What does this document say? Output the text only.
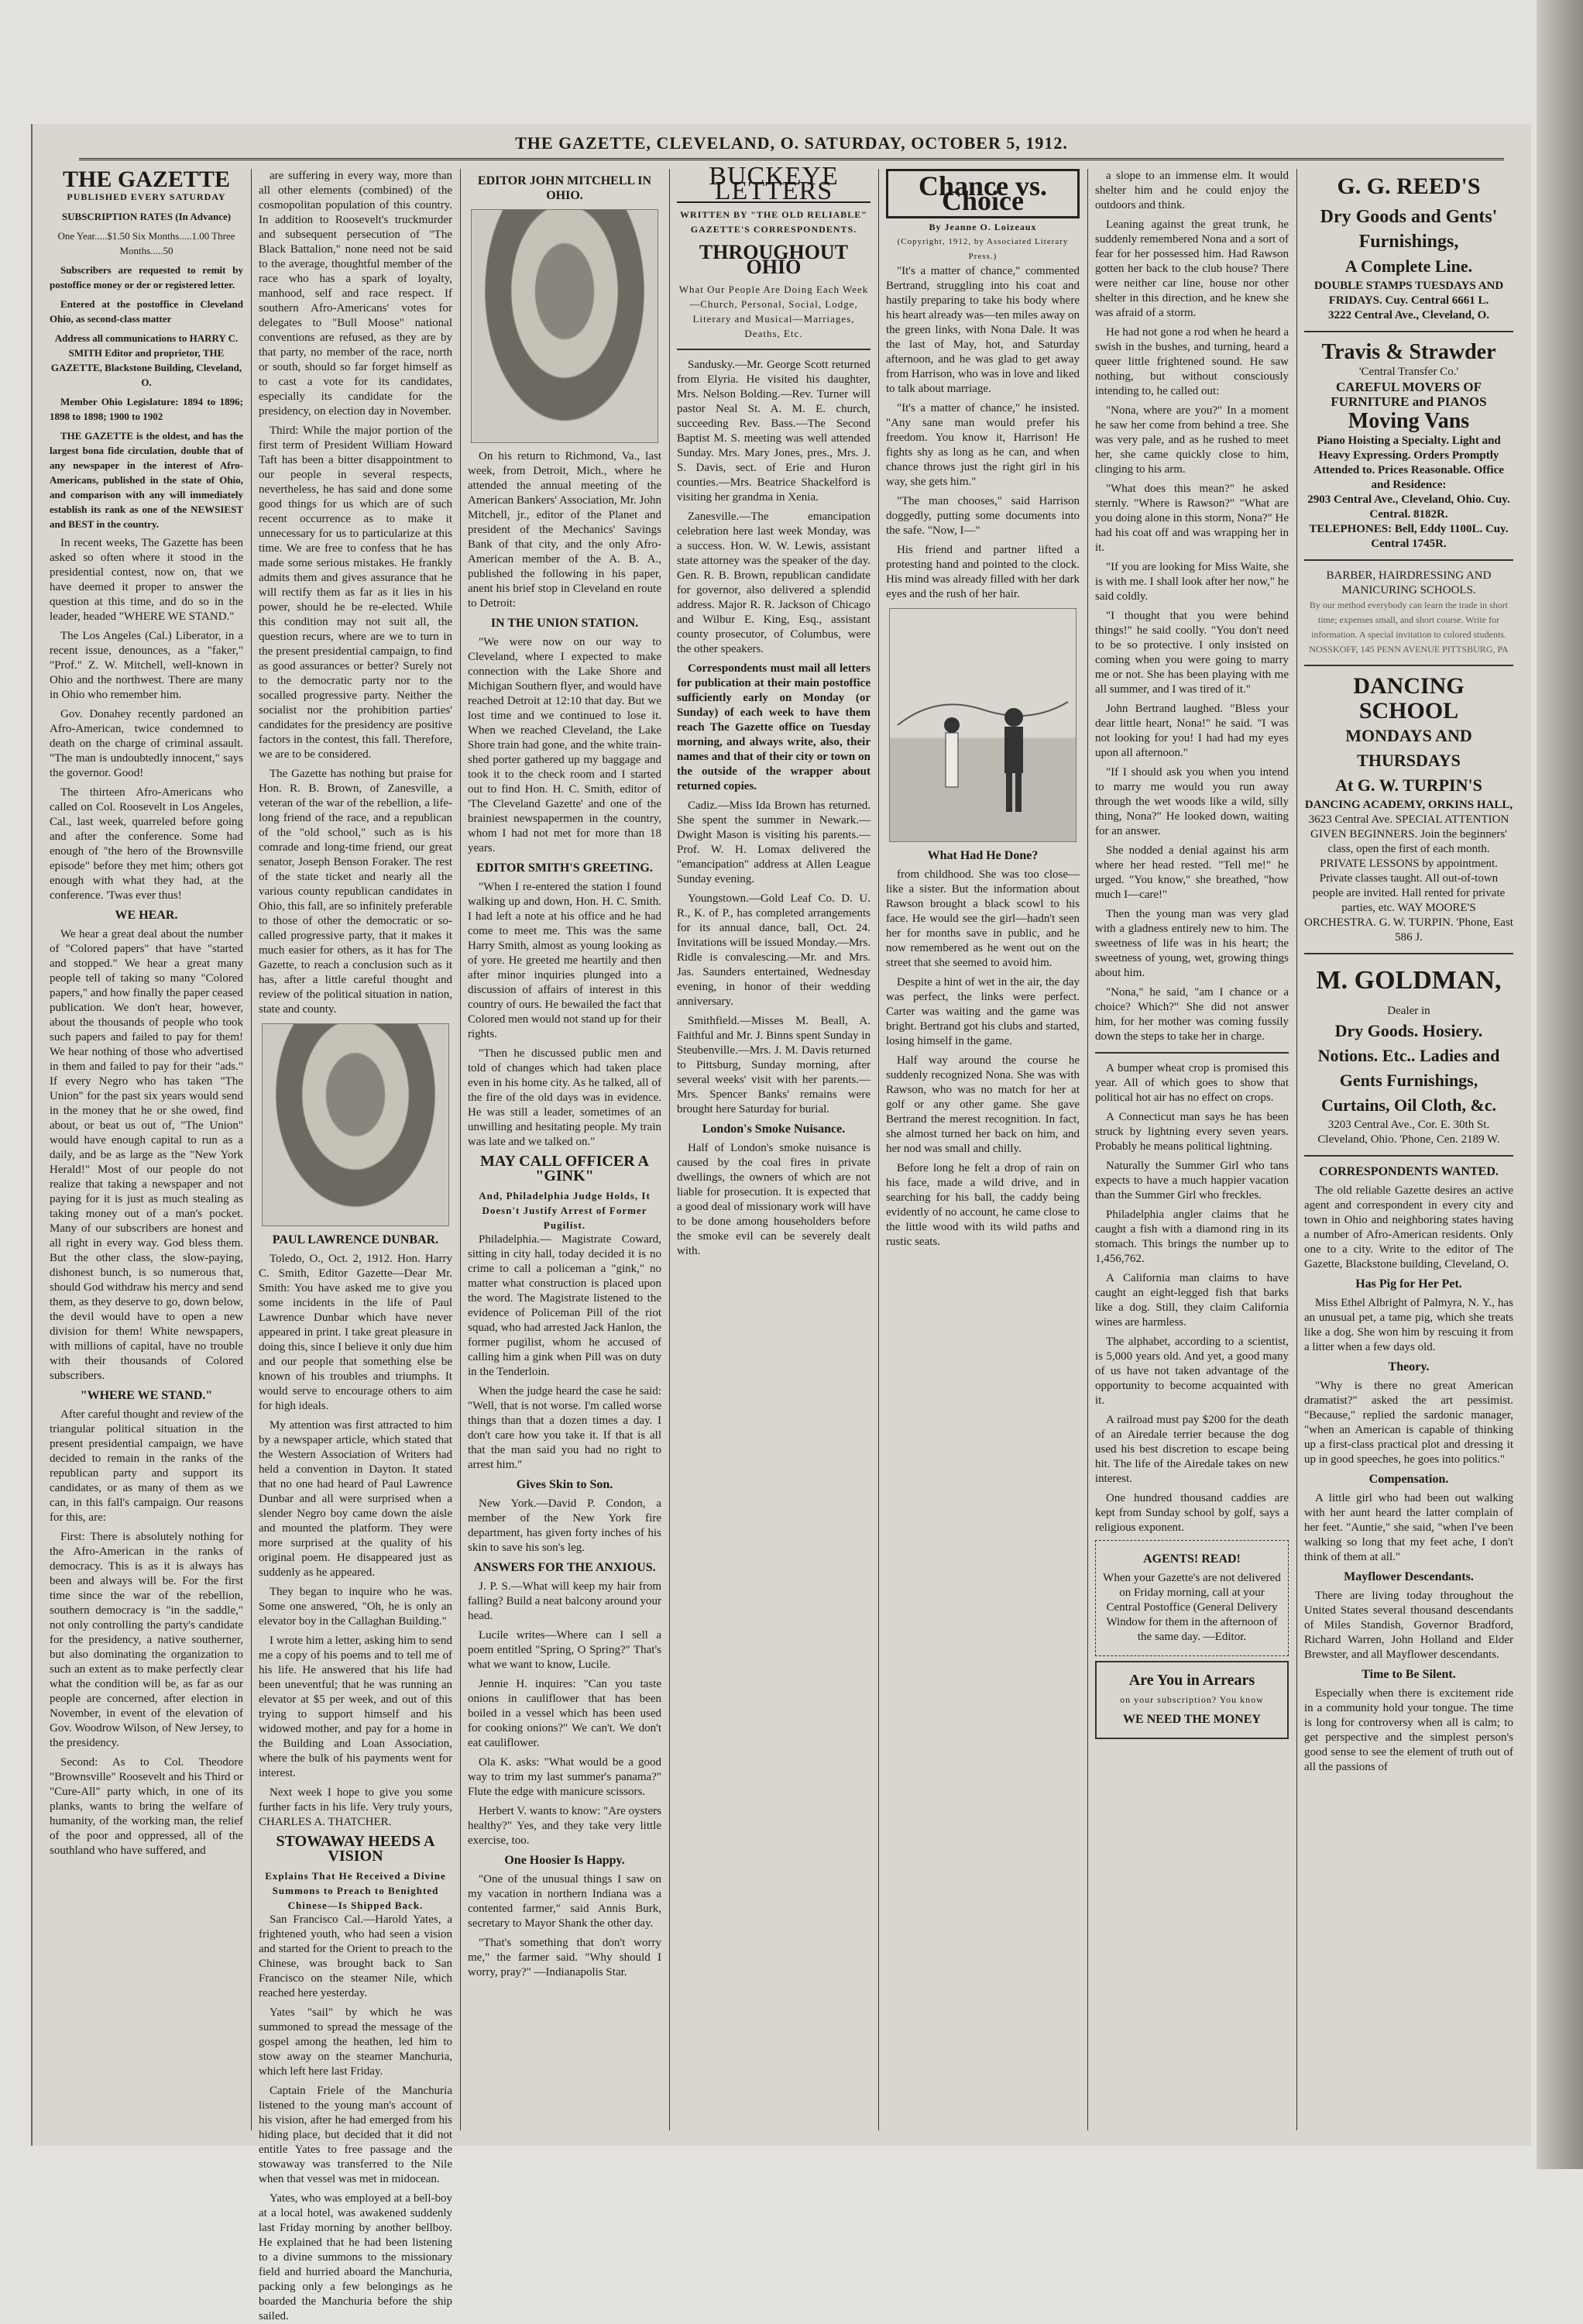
THE GAZETTE, CLEVELAND, O. SATURDAY, OCTOBER 5, 1912.
THE GAZETTE
PUBLISHED EVERY SATURDAY
SUBSCRIPTION RATES (In Advance)

One Year.....$1.50 Six Months.....1.00 Three Months.....50

Subscribers are requested to remit by postoffice money or der or registered letter.

Entered at the postoffice in Cleveland Ohio, as second-class matter

Address all communications to HARRY C. SMITH Editor and proprietor, THE GAZETTE, Blackstone Building, Cleveland, O.

Member Ohio Legislature: 1894 to 1896; 1898 to 1898; 1900 to 1902

THE GAZETTE is the oldest, and has the largest bona fide circulation, double that of any newspaper in the interest of Afro-Americans, published in the state of Ohio, and comparison with any will immediately establish its rank as one of the NEWSIEST and BEST in the country.

In recent weeks, The Gazette has been asked so often where it stood in the presidential contest, now on, that we have deemed it proper to answer the question at this time, and do so in the leader, headed "WHERE WE STAND."

The Los Angeles (Cal.) Liberator, in a recent issue, denounces, as a "faker," "Prof." Z. W. Mitchell, well-known in Ohio and the northwest. There are many in Ohio who remember him.

Gov. Donahey recently pardoned an Afro-American, twice condemned to death on the charge of criminal assault. "The man is undoubtedly innocent," says the governor. Good!

The thirteen Afro-Americans who called on Col. Roosevelt in Los Angeles, Cal., last week, quarreled before going and after the conference. Some had enough of "the hero of the Brownsville episode" before they met him; others got enough with what they had, at the conference. 'Twas ever thus!

WE HEAR.

We hear a great deal about the number of "Colored papers" that have "started and stopped." We hear a great many people tell of taking so many "Colored papers," and how finally the paper ceased publication. We don't hear, however, about the thousands of people who took such papers and failed to pay for them! We hear nothing of those who advertised in them and failed to pay for their "ads." If every Negro who has taken "The Union" for the past six years would send in the money that he or she owed, find about, or beat us out of, "The Union" would have enough capital to run as a daily, and be as large as the "New York Herald!" Most of our people do not realize that taking a newspaper and not paying for it is just as much stealing as taking money out of a man's pocket. Many of our subscribers are honest and all right in every way. God bless them. But the other class, the slow-paying, dishonest bunch, is so numerous that, should God withdraw his mercy and send them, as they deserve to go, down below, the devil would have to open a new division for them! White newspapers, with millions of capital, have no trouble with their thousands of Colored subscribers.

"WHERE WE STAND."

After careful thought and review of the triangular political situation in the present presidential campaign, we have decided to remain in the ranks of the republican party and support its candidates, or as many of them as we can, in this fall's campaign. Our reasons for this, are:

First: There is absolutely nothing for the Afro-American in the ranks of democracy. This is as it is always has been and always will be. For the first time since the war of the rebellion, southern democracy is "in the saddle," not only controlling the party's candidate for the presidency, a native southerner, but also dominating the organization to such an extent as to make perfectly clear what the condition will be, as far as our people are concerned, after election in November, in event of the elevation of Gov. Woodrow Wilson, of New Jersey, to the presidency.

Second: As to Col. Theodore "Brownsville" Roosevelt and his Third or "Cure-All" party which, in one of its planks, wants to bring the welfare of humanity, of the working man, the relief of the poor and oppressed, all of the southland who have suffered, and

are suffering in every way, more than all other elements (combined) of the cosmopolitan population of this country. In addition to Roosevelt's truckmurder and subsequent persecution of "The Black Battalion," none need not be said to the average, thoughtful member of the race who has a spark of loyalty, manhood, self and race respect. If southern Afro-Americans' votes for delegates to "Bull Moose" national conventions are refused, as they are by that party, no member of the race, north or south, should so far forget himself as to cast a vote for its candidates, especially its candidate for the presidency, on election day in November.

Third: While the major portion of the first term of President William Howard Taft has been a bitter disappointment to our people in several respects, nevertheless, he has said and done some good things for us which are of such recent occurrence as to make it unnecessary for us to particularize at this time. We are free to confess that he has made some serious mistakes. He frankly admits them and gives assurance that he will rectify them as far as it lies in his power, should he be re-elected. While this condition may not suit all, the question recurs, where are we to turn in the present presidential campaign, to find as good assurances or better? Surely not to the democratic party nor to the socalled progressive party. Neither the socialist nor the prohibition parties' candidates for the presidency are positive factors in the contest, this fall. Therefore, we are to be considered.

The Gazette has nothing but praise for Hon. R. B. Brown, of Zanesville, a veteran of the war of the rebellion, a life-long friend of the race, and a republican of the "old school," such as is his comrade and long-time friend, our great senator, Joseph Benson Foraker. The rest of the state ticket and nearly all the various county republican candidates in Ohio, this fall, are so infinitely preferable to those of other the democratic or so-called progressive party, that it makes it much easier for others, as it has for The Gazette, to reach a conclusion such as it has, after a little careful thought and review of the political situation in nation, state and county.

PAUL LAWRENCE DUNBAR.

Toledo, O., Oct. 2, 1912. Hon. Harry C. Smith, Editor Gazette—Dear Mr. Smith: You have asked me to give you some incidents in the life of Paul Lawrence Dunbar which have never appeared in print. I take great pleasure in doing this, since I believe it only due him and our people that something else be known of his troubles and triumphs. It would serve to encourage others to aim for high ideals.

My attention was first attracted to him by a newspaper article, which stated that the Western Association of Writers had held a convention in Dayton. It stated that no one had heard of Paul Lawrence Dunbar and all were surprised when a slender Negro boy came down the aisle and mounted the platform. They were more surprised at the quality of his original poem. He disappeared just as suddenly as he appeared.

They began to inquire who he was. Some one answered, "Oh, he is only an elevator boy in the Callaghan Building."

I wrote him a letter, asking him to send me a copy of his poems and to tell me of his life. He answered that his life had been uneventful; that he was running an elevator at $5 per week, and out of this trying to support himself and his widowed mother, and pay for a home in the Building and Loan Association, where the bulk of his payments went for interest.

Next week I hope to give you some further facts in his life. Very truly yours, CHARLES A. THATCHER.

STOWAWAY HEEDS A VISION
Explains That He Received a Divine Summons to Preach to Benighted Chinese—Is Shipped Back.

San Francisco Cal.—Harold Yates, a frightened youth, who had seen a vision and started for the Orient to preach to the Chinese, was brought back to San Francisco on the steamer Nile, which reached here yesterday.

Yates "sail" by which he was summoned to spread the message of the gospel among the heathen, led him to stow away on the steamer Manchuria, which left here last Friday.

Captain Friele of the Manchuria listened to the young man's account of his vision, after he had emerged from his hiding place, but decided that it did not entitle Yates to free passage and the stowaway was transferred to the Nile when that vessel was met in midocean.

Yates, who was employed at a bell-boy at a local hotel, was awakened suddenly last Friday morning by another bellboy. He explained that he had been listening to a divine summons to the missionary field and hurried aboard the Manchuria, packing only a few belongings as he boarded the Manchuria before the ship sailed.

EDITOR JOHN MITCHELL IN OHIO.

On his return to Richmond, Va., last week, from Detroit, Mich., where he attended the annual meeting of the American Bankers' Association, Mr. John Mitchell, jr., editor of the Planet and president of the Mechanics' Savings Bank of that city, and the only Afro-American member of the A. B. A., published the following in his paper, anent his brief stop in Cleveland en route to Detroit:

IN THE UNION STATION.

"We were now on our way to Cleveland, where I expected to make connection with the Lake Shore and Michigan Southern flyer, and would have reached Detroit at 12:10 that day. But we lost time and we continued to lose it. When we reached Cleveland, the Lake Shore train had gone, and the white train-shed porter gathered up my baggage and took it to the check room and I started out to find Hon. H. C. Smith, editor of 'The Cleveland Gazette' and one of the brainiest newspapermen in the country, whom I had not met for more than 18 years.

EDITOR SMITH'S GREETING.

"When I re-entered the station I found walking up and down, Hon. H. C. Smith. I had left a note at his office and he had come to meet me. This was the same Harry Smith, almost as young looking as of yore. He greeted me heartily and then after minor inquiries plunged into a discussion of affairs of interest in this country of ours. He bewailed the fact that Colored men would not stand up for their rights.

"Then he discussed public men and told of changes which had taken place even in his home city. As he talked, all of the fire of the old days was in evidence. He was still a leader, sometimes of an unwilling and hesitating people. My train was late and we talked on."

MAY CALL OFFICER A "GINK"
And, Philadelphia Judge Holds, It Doesn't Justify Arrest of Former Pugilist.

Philadelphia.— Magistrate Coward, sitting in city hall, today decided it is no crime to call a policeman a "gink," no matter what construction is placed upon the word. The Magistrate listened to the evidence of Policeman Pill of the riot squad, who had arrested Jack Hanlon, the former pugilist, whom he accused of calling him a gink when Pill was on duty in the Tenderloin.

When the judge heard the case he said: "Well, that is not worse. I'm called worse things than that a dozen times a day. I don't care how you take it. If that is all that the man said you had no right to arrest him."

Gives Skin to Son.

New York.—David P. Condon, a member of the New York fire department, has given forty inches of his skin to save his son's leg.

ANSWERS FOR THE ANXIOUS.

J. P. S.—What will keep my hair from falling? Build a neat balcony around your head.

Lucile writes—Where can I sell a poem entitled "Spring, O Spring?" That's what we want to know, Lucile.

Jennie H. inquires: "Can you taste onions in cauliflower that has been boiled in a vessel which has been used for cooking onions?" We can't. We don't eat cauliflower.

Ola K. asks: "What would be a good way to trim my last summer's panama?" Flute the edge with manicure scissors.

Herbert V. wants to know: "Are oysters healthy?" Yes, and they take very little exercise, too.

One Hoosier Is Happy.

"One of the unusual things I saw on my vacation in northern Indiana was a contented farmer," said Annis Burk, secretary to Mayor Shank the other day.

"That's something that don't worry me," the farmer said. "Why should I worry, pray?" —Indianapolis Star.

BUCKEYE LETTERS
WRITTEN BY "THE OLD RELIABLE" GAZETTE'S CORRESPONDENTS.
THROUGHOUT OHIO
What Our People Are Doing Each Week—Church, Personal, Social, Lodge, Literary and Musical—Marriages, Deaths, Etc.

Sandusky.—Mr. George Scott returned from Elyria. He visited his daughter, Mrs. Nelson Bolding.—Rev. Turner will pastor Neal St. A. M. E. church, succeeding Rev. Bass.—The Second Baptist M. S. meeting was well attended Sunday. Mrs. Mary Jones, pres., Mrs. J. S. Davis, sect. of Erie and Huron counties.—Mrs. Beatrice Shackelford is visiting her grandma in Xenia.

Zanesville.—The emancipation celebration here last week Monday, was a success. Hon. W. W. Lewis, assistant state attorney was the speaker of the day. Gen. R. B. Brown, republican candidate for governor, also delivered a splendid address. Major R. R. Jackson of Chicago and Wilbur E. King, Esq., assistant county prosecutor, of Columbus, were the other speakers.

Correspondents must mail all letters for publication at their main postoffice sufficiently early on Monday (or Sunday) of each week to have them reach The Gazette office on Tuesday morning, and always write, also, their names and that of their city or town on the outside of the wrapper about returned copies.

Cadiz.—Miss Ida Brown has returned. She spent the summer in Newark.—Dwight Mason is visiting his parents.—Prof. W. H. Lomax delivered the "emancipation" address at Allen League Sunday evening.

Youngstown.—Gold Leaf Co. D. U. R., K. of P., has completed arrangements for its annual dance, ball, Oct. 24. Invitations will be issued Monday.—Mrs. Ridle is convalescing.—Mr. and Mrs. Jas. Saunders entertained, Wednesday evening, in honor of their wedding anniversary.

Smithfield.—Misses M. Beall, A. Faithful and Mr. J. Binns spent Sunday in Steubenville.—Mrs. J. M. Davis returned to Pittsburg, Sunday morning, after several weeks' visit with her parents.—Mrs. Spencer Banks' remains were brought here Saturday for burial.

London's Smoke Nuisance.

Half of London's smoke nuisance is caused by the coal fires in private dwellings, the owners of which are not liable for prosecution. It is expected that a good deal of missionary work will have to be done among householders before the smoke evil can be severely dealt with.

Chance vs. Choice
By Jeanne O. Loizeaux
(Copyright, 1912, by Associated Literary Press.)

"It's a matter of chance," commented Bertrand, struggling into his coat and hastily preparing to take his body where his heart already was—ten miles away on the green links, with Nona Dale. It was the last of May, hot, and Saturday afternoon, and he was glad to get away from Harrison, who was in love and liked to talk about marriage.

"It's a matter of chance," he insisted. "Any sane man would prefer his freedom. You know it, Harrison! He fights shy as long as he can, and when chance throws just the right girl in his way, she gets him."

"The man chooses," said Harrison doggedly, putting some documents into the safe. "Now, I—"

His friend and partner lifted a protesting hand and pointed to the clock. His mind was already filled with her dark eyes and the rush of her hair.

What Had He Done?

from childhood. She was too close—like a sister. But the information about Rawson brought a black scowl to his face. He would see the girl—hadn't seen her for months save in public, and he now remembered as he went out on the street that she seemed to avoid him.

Despite a hint of wet in the air, the day was perfect, the links were perfect. Carter was waiting and the game was bright. Bertrand got his clubs and started, losing himself in the game.

Half way around the course he suddenly recognized Nona. She was with Rawson, who was no match for her at golf or any other game. She gave Bertrand the merest recognition. In fact, she almost turned her back on him, and her nod was small and chilly.

Before long he felt a drop of rain on his face, made a wild drive, and in searching for his ball, the caddy being evidently of no account, he came close to the little wood with its wild paths and rustic seats.

a slope to an immense elm. It would shelter him and he could enjoy the outdoors and think.

Leaning against the great trunk, he suddenly remembered Nona and a sort of fear for her possessed him. Had Rawson gotten her back to the club house? There were neither car line, house nor other shelter in this direction, and he knew she was afraid of a storm.

He had not gone a rod when he heard a swish in the bushes, and turning, heard a queer little frightened sound. He saw nothing, but without consciously intending to, he called out:

"Nona, where are you?" In a moment he saw her come from behind a tree. She was very pale, and as he rushed to meet her, she came quickly close to him, clinging to his arm.

"What does this mean?" he asked sternly. "Where is Rawson?" "What are you doing alone in this storm, Nona?" He had his coat off and was wrapping her in it.

"If you are looking for Miss Waite, she is with me. I shall look after her now," he said coldly.

"I thought that you were behind things!" he said coolly. "You don't need to be so protective. I only insisted on coming when you were going to marry me or not. She has been playing with me all summer, and I was tired of it."

John Bertrand laughed. "Bless your dear little heart, Nona!" he said. "I was not looking for you! I had had my eyes upon all afternoon."

"If I should ask you when you intend to marry me would you run away through the wet woods like a wild, silly thing, Nona?" He looked down, waiting for an answer.

She nodded a denial against his arm where her head rested. "Tell me!" he urged. "You know," she breathed, "how much I—care!"

Then the young man was very glad with a gladness entirely new to him. The sweetness of life was in his heart; the sweetness of young, wet, growing things about him.

"Nona," he said, "am I chance or a choice? Which?" She did not answer him, for her mother was coming fussily down the steps to take her in charge.

A bumper wheat crop is promised this year. All of which goes to show that political hot air has no effect on crops.

A Connecticut man says he has been struck by lightning every seven years. Probably he means political lightning.

Naturally the Summer Girl who tans expects to have a much happier vacation than the Summer Girl who freckles.

Philadelphia angler claims that he caught a fish with a diamond ring in its stomach. This brings the number up to 1,456,762.

A California man claims to have caught an eight-legged fish that barks like a dog. Still, they claim California wines are harmless.

The alphabet, according to a scientist, is 5,000 years old. And yet, a good many of us have not taken advantage of the opportunity to become acquainted with it.

A railroad must pay $200 for the death of an Airedale terrier because the dog used his best discretion to escape being hit. The life of the Airedale takes on new interest.

One hundred thousand caddies are kept from Sunday school by golf, says a religious exponent.

AGENTS! READ!

When your Gazette's are not delivered on Friday morning, call at your Central Postoffice (General Delivery Window for them in the afternoon of the same day. —Editor.

Are You in Arrears
on your subscription? You know
WE NEED THE MONEY
G. G. REED'S
Dry Goods and Gents' Furnishings,
A Complete Line.
DOUBLE STAMPS TUESDAYS AND FRIDAYS. Cuy. Central 6661 L.
3222 Central Ave., Cleveland, O.
Travis & Strawder
'Central Transfer Co.'
CAREFUL MOVERS OF FURNITURE and PIANOS
Moving Vans
Piano Hoisting a Specialty. Light and Heavy Expressing. Orders Promptly Attended to. Prices Reasonable. Office and Residence:
2903 Central Ave., Cleveland, Ohio. Cuy. Central. 8182R.
TELEPHONES: Bell, Eddy 1100L. Cuy. Central 1745R.
BARBER, HAIRDRESSING AND MANICURING SCHOOLS.
By our method everybody can learn the trade in short time; expenses small, and short course. Write for information. A special invitation to colored students. NOSSKOFF, 145 PENN AVENUE PITTSBURG, PA
DANCING SCHOOL
MONDAYS AND THURSDAYS
At G. W. TURPIN'S
DANCING ACADEMY, ORKINS HALL,
3623 Central Ave. SPECIAL ATTENTION GIVEN BEGINNERS. Join the beginners' class, open the first of each month. PRIVATE LESSONS by appointment. Private classes taught. All out-of-town people are invited. Hall rented for private parties, etc. WAY MOORE'S ORCHESTRA. G. W. TURPIN. 'Phone, East 586 J.
M. GOLDMAN,
Dealer in
Dry Goods. Hosiery. Notions. Etc.. Ladies and Gents Furnishings, Curtains, Oil Cloth, &c.
3203 Central Ave., Cor. E. 30th St. Cleveland, Ohio. 'Phone, Cen. 2189 W.
CORRESPONDENTS WANTED.

The old reliable Gazette desires an active agent and correspondent in every city and town in Ohio and neighboring states having a number of Afro-American residents. Only one to a city. Write to the editor of The Gazette, Blackstone building, Cleveland, O.

Has Pig for Her Pet.

Miss Ethel Albright of Palmyra, N. Y., has an unusual pet, a tame pig, which she treats like a dog. She won him by rescuing it from a litter when a few days old.

Theory.

"Why is there no great American dramatist?" asked the art pessimist. "Because," replied the sardonic manager, "when an American is capable of thinking up a first-class practical plot and dressing it up in good speeches, he goes into politics."

Compensation.

A little girl who had been out walking with her aunt heard the latter complain of her feet. "Auntie," she said, "when I've been walking so long that my feet ache, I don't think of them at all."

Mayflower Descendants.

There are living today throughout the United States several thousand descendants of Miles Standish, Governor Bradford, Richard Warren, John Holland and Elder Brewster, and all Mayflower descendants.

Time to Be Silent.

Especially when there is excitement ride in a community hold your tongue. The time is long for controversy when all is calm; to get perspective and the simplest person's good sense to see the element of truth out of all the passions of
